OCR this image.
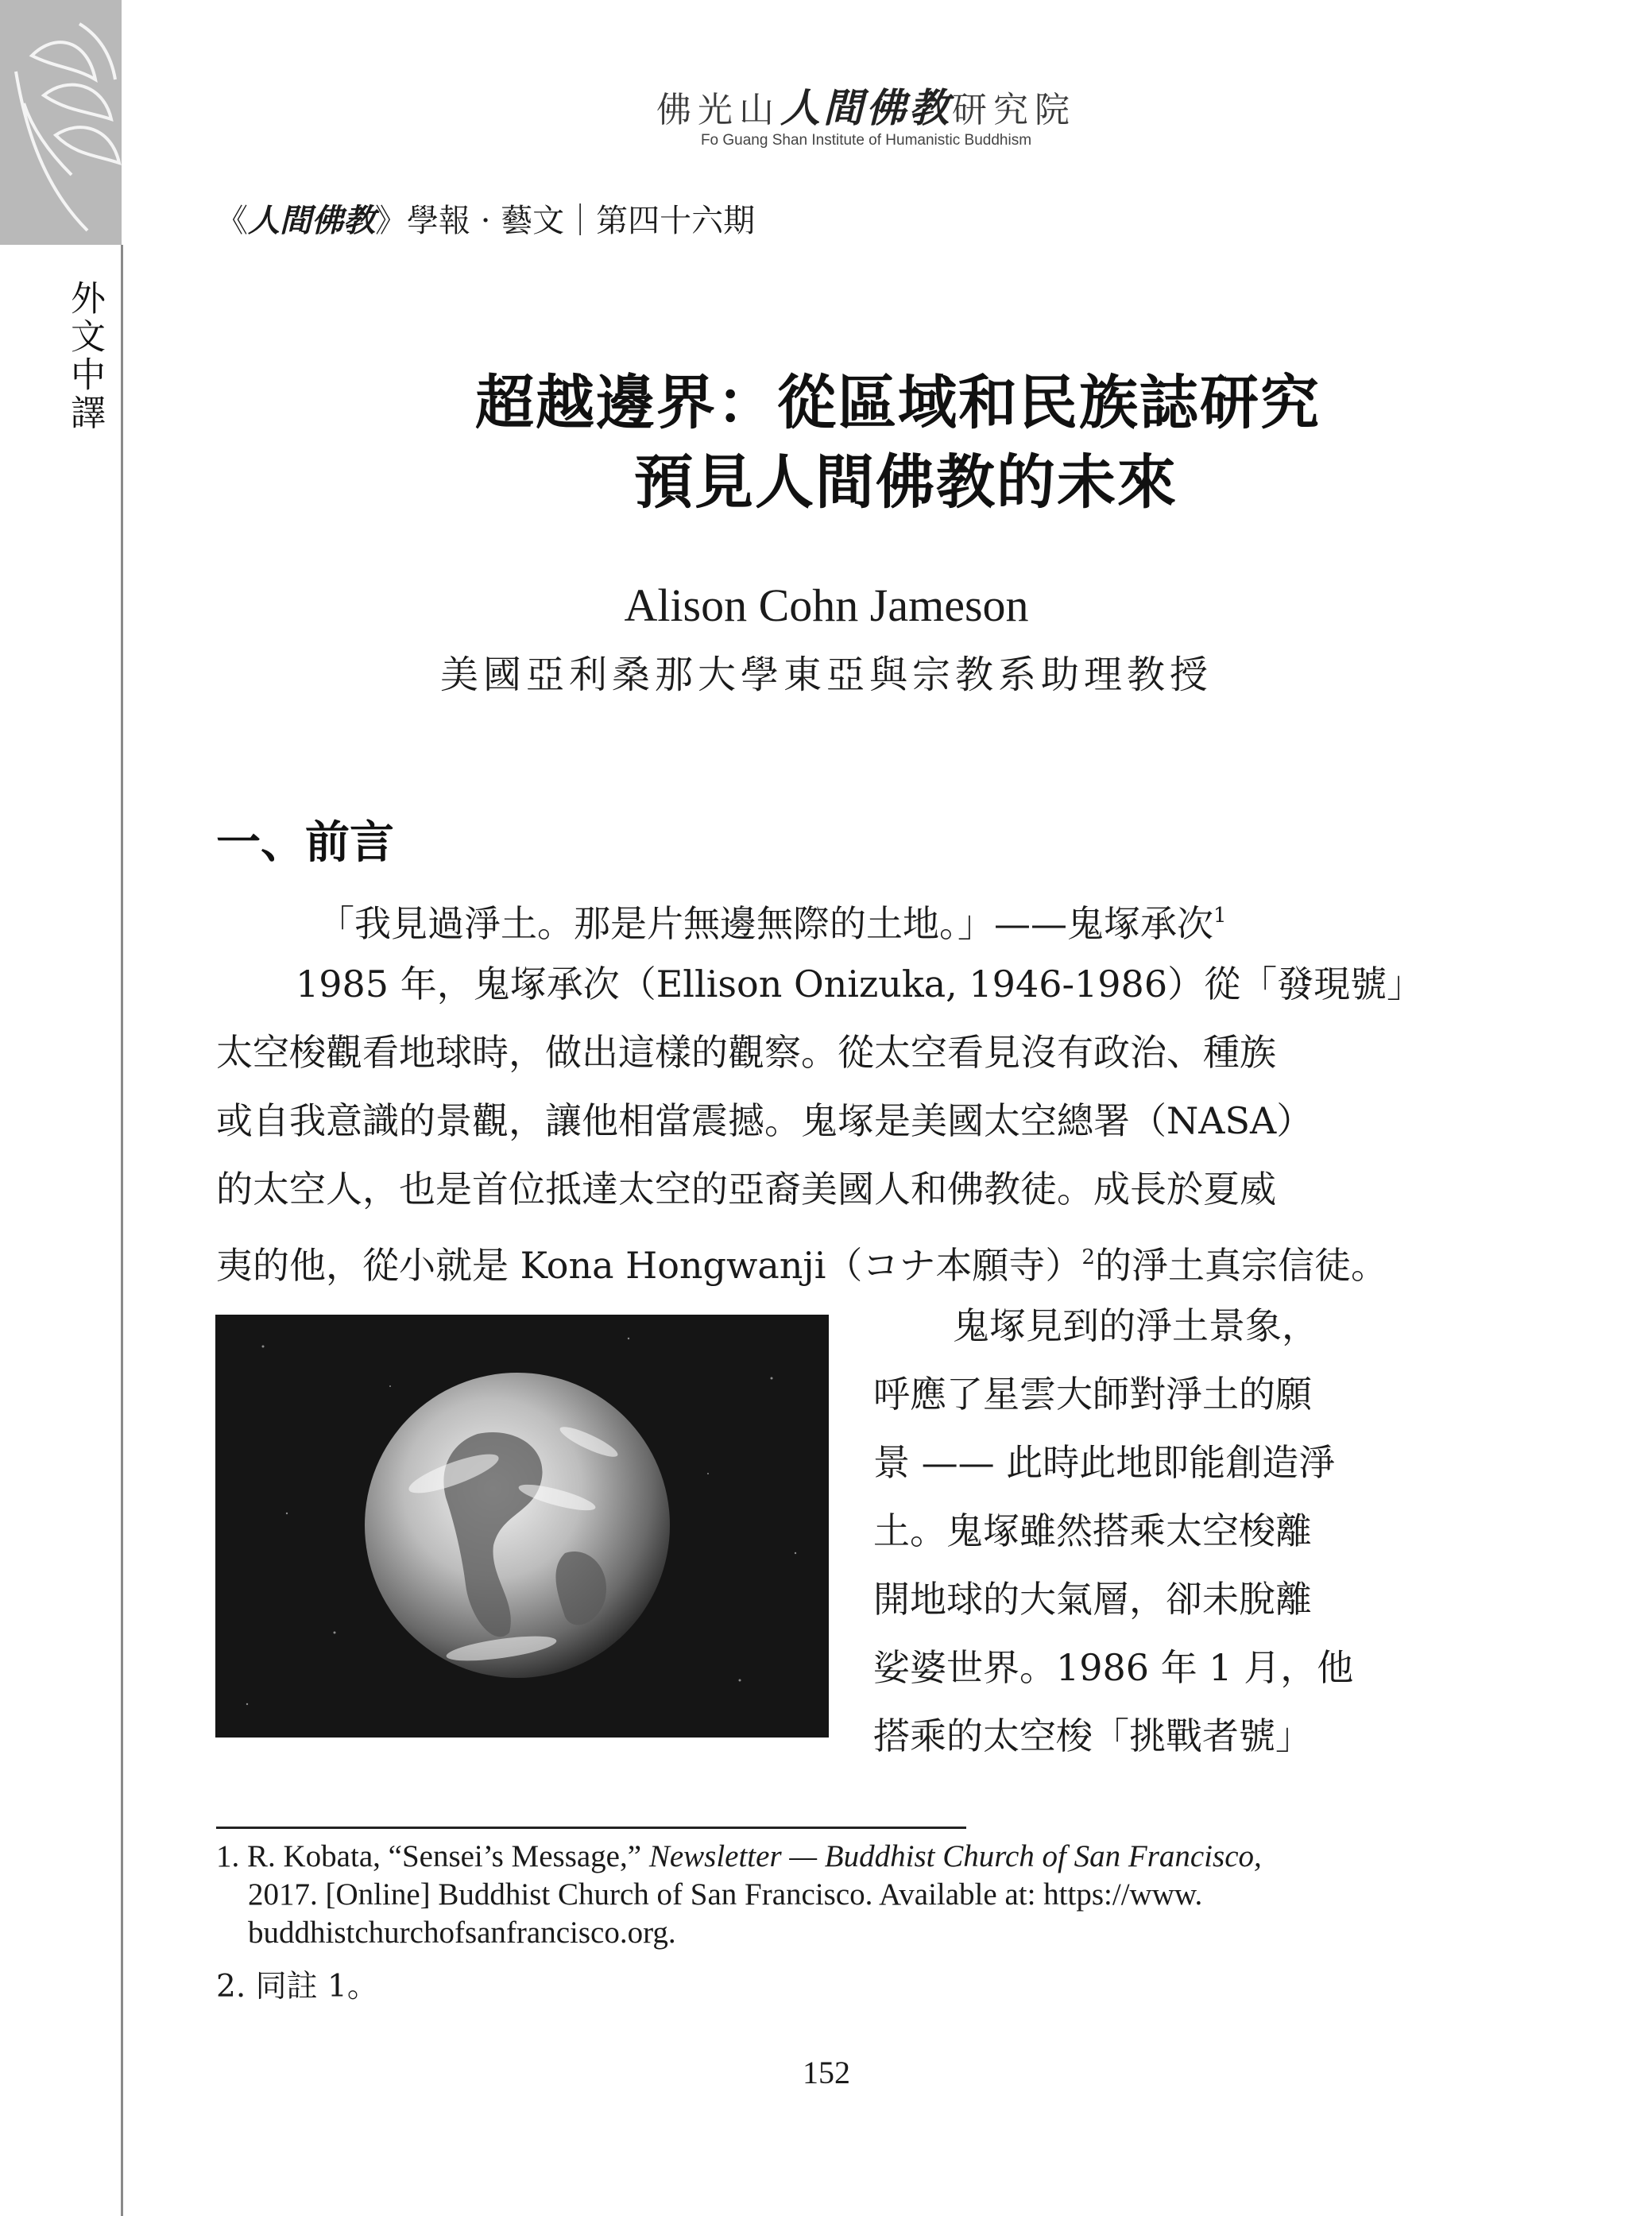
外文中譯
佛光山人間佛教研究院
Fo Guang Shan Institute of Humanistic Buddhism
《人間佛教》學報 · 藝文｜第四十六期
超越邊界：從區域和民族誌研究
預見人間佛教的未來
Alison Cohn Jameson
美國亞利桑那大學東亞與宗教系助理教授
一、前言
「我見過淨土。那是片無邊無際的土地。」——鬼塚承次$^1$
1985 年，鬼塚承次（Ellison Onizuka, 1946-1986）從「發現號」
太空梭觀看地球時，做出這樣的觀察。從太空看見沒有政治、種族
或自我意識的景觀，讓他相當震撼。鬼塚是美國太空總署（NASA）
的太空人，也是首位抵達太空的亞裔美國人和佛教徒。成長於夏威
夷的他，從小就是 Kona Hongwanji（コナ本願寺）$^2$的淨土真宗信徒。
鬼塚見到的淨土景象，
呼應了星雲大師對淨土的願
景 —— 此時此地即能創造淨
土。鬼塚雖然搭乘太空梭離
開地球的大氣層，卻未脫離
娑婆世界。1986 年 1 月，他
搭乘的太空梭「挑戰者號」
1. R. Kobata, “Sensei’s Message,” Newsletter — Buddhist Church of San Francisco,
2017. [Online] Buddhist Church of San Francisco. Available at: https://www.
buddhistchurchofsanfrancisco.org.
2. 同註 1。
152
